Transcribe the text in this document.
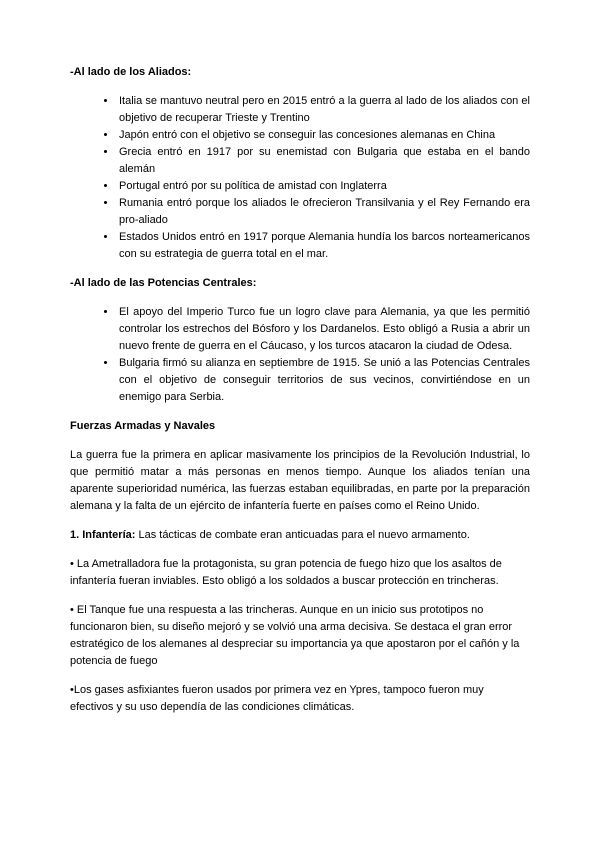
-Al lado de los Aliados:

• Italia se mantuvo neutral pero en 2015 entró a la guerra al lado de los aliados con el objetivo de recuperar Trieste y Trentino
• Japón entró con el objetivo se conseguir las concesiones alemanas en China
• Grecia entró en 1917 por su enemistad con Bulgaria que estaba en el bando alemán
• Portugal entró por su política de amistad con Inglaterra
• Rumania entró porque los aliados le ofrecieron Transilvania y el Rey Fernando era pro-aliado
• Estados Unidos entró en 1917 porque Alemania hundía los barcos norteamericanos con su estrategia de guerra total en el mar.

-Al lado de las Potencias Centrales:

• El apoyo del Imperio Turco fue un logro clave para Alemania, ya que les permitió controlar los estrechos del Bósforo y los Dardanelos. Esto obligó a Rusia a abrir un nuevo frente de guerra en el Cáucaso, y los turcos atacaron la ciudad de Odesa.
• Bulgaria firmó su alianza en septiembre de 1915. Se unió a las Potencias Centrales con el objetivo de conseguir territorios de sus vecinos, convirtiéndose en un enemigo para Serbia.

Fuerzas Armadas y Navales

La guerra fue la primera en aplicar masivamente los principios de la Revolución Industrial, lo que permitió matar a más personas en menos tiempo. Aunque los aliados tenían una aparente superioridad numérica, las fuerzas estaban equilibradas, en parte por la preparación alemana y la falta de un ejército de infantería fuerte en países como el Reino Unido.

1. Infantería: Las tácticas de combate eran anticuadas para el nuevo armamento.

• La Ametralladora fue la protagonista, su gran potencia de fuego hizo que los asaltos de infantería fueran inviables. Esto obligó a los soldados a buscar protección en trincheras.

• El Tanque fue una respuesta a las trincheras. Aunque en un inicio sus prototipos no funcionaron bien, su diseño mejoró y se volvió una arma decisiva. Se destaca el gran error estratégico de los alemanes al despreciar su importancia ya que apostaron por el cañón y la potencia de fuego

•Los gases asfixiantes fueron usados por primera vez en Ypres, tampoco fueron muy efectivos y su uso dependía de las condiciones climáticas.
